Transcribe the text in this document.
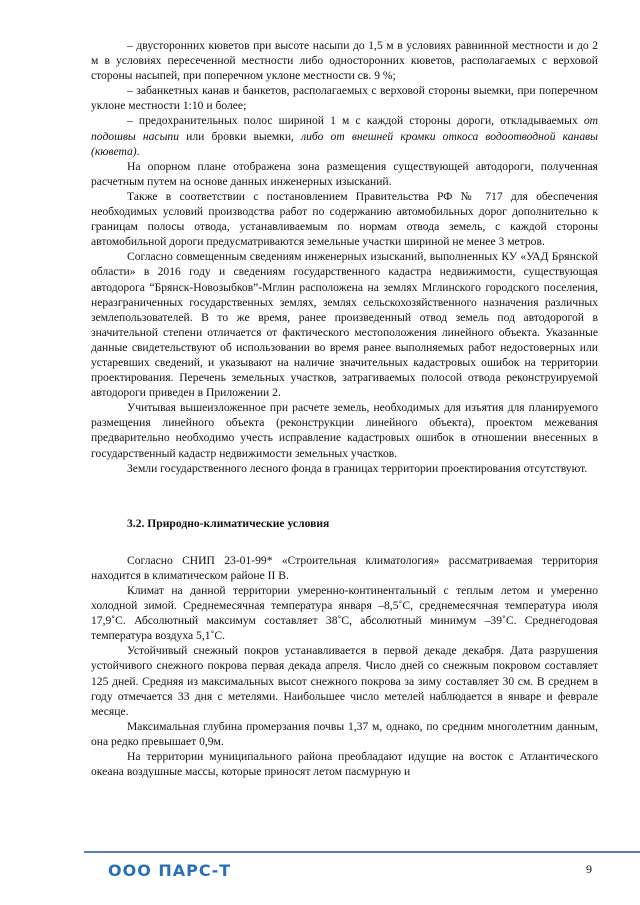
– двусторонних кюветов при высоте насыпи до 1,5 м в условиях равнинной местности и до 2 м в условиях пересеченной местности либо односторонних кюветов, располагаемых с верховой стороны насыпей, при поперечном уклоне местности св. 9 %;

– забанкетных канав и банкетов, располагаемых с верховой стороны выемки, при поперечном уклоне местности 1:10 и более;

– предохранительных полос шириной 1 м с каждой стороны дороги, откладываемых от подошвы насыпи или бровки выемки, либо от внешней кромки откоса водоотводной канавы (кювета).

На опорном плане отображена зона размещения существующей автодороги, полученная расчетным путем на основе данных инженерных изысканий.

Также в соответствии с постановлением Правительства РФ № 717 для обеспечения необходимых условий производства работ по содержанию автомобильных дорог дополнительно к границам полосы отвода, устанавливаемым по нормам отвода земель, с каждой стороны автомобильной дороги предусматриваются земельные участки шириной не менее 3 метров.

Согласно совмещенным сведениям инженерных изысканий, выполненных КУ «УАД Брянской области» в 2016 году и сведениям государственного кадастра недвижимости, существующая автодорога “Брянск-Новозыбков”-Мглин расположена на землях Мглинского городского поселения, неразграниченных государственных землях, землях сельскохозяйственного назначения различных землепользователей. В то же время, ранее произведенный отвод земель под автодорогой в значительной степени отличается от фактического местоположения линейного объекта. Указанные данные свидетельствуют об использовании во время ранее выполняемых работ недостоверных или устаревших сведений, и указывают на наличие значительных кадастровых ошибок на территории проектирования. Перечень земельных участков, затрагиваемых полосой отвода реконструируемой автодороги приведен в Приложении 2.

Учитывая вышеизложенное при расчете земель, необходимых для изъятия для планируемого размещения линейного объекта (реконструкции линейного объекта), проектом межевания предварительно необходимо учесть исправление кадастровых ошибок в отношении внесенных в государственный кадастр недвижимости земельных участков.

Земли государственного лесного фонда в границах территории проектирования отсутствуют.

3.2. Природно-климатические условия

Согласно СНИП 23-01-99* «Строительная климатология» рассматриваемая территория находится в климатическом районе II В.

Климат на данной территории умеренно-континентальный с теплым летом и умеренно холодной зимой. Среднемесячная температура января –8,5˚С, среднемесячная температура июля 17,9˚С. Абсолютный максимум составляет 38˚С, абсолютный минимум –39˚С. Среднегодовая температура воздуха 5,1˚С.

Устойчивый снежный покров устанавливается в первой декаде декабря. Дата разрушения устойчивого снежного покрова первая декада апреля. Число дней со снежным покровом составляет 125 дней. Средняя из максимальных высот снежного покрова за зиму составляет 30 см. В среднем в году отмечается 33 дня с метелями. Наибольшее число метелей наблюдается в январе и феврале месяце.

Максимальная глубина промерзания почвы 1,37 м, однако, по средним многолетним данным, она редко превышает 0,9м.

На территории муниципального района преобладают идущие на восток с Атлантического океана воздушные массы, которые приносят летом пасмурную и

ООО ПАРС-Т	9
